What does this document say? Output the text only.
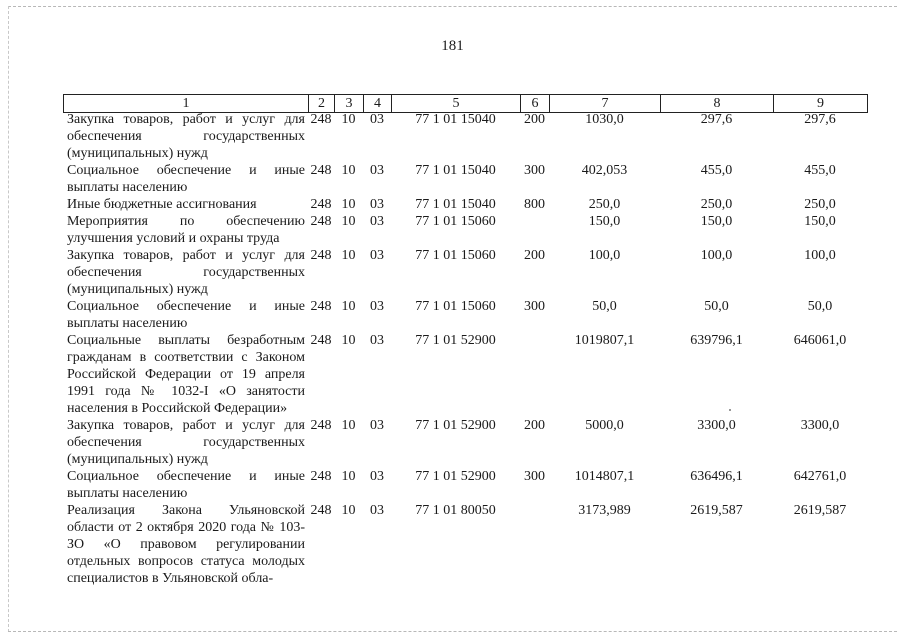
181
1	2	3	4	5	6	7	8	9
Закупка товаров, работ и услуг для обеспечения государственных (муниципальных) нужд	248	10	03	77 1 01 15040	200	1030,0	297,6	297,6
Социальное обеспечение и иные выплаты населению	248	10	03	77 1 01 15040	300	402,053	455,0	455,0
Иные бюджетные ассигнования	248	10	03	77 1 01 15040	800	250,0	250,0	250,0
Мероприятия по обеспечению улучшения условий и охраны труда	248	10	03	77 1 01 15060		150,0	150,0	150,0
Закупка товаров, работ и услуг для обеспечения государственных (муниципальных) нужд	248	10	03	77 1 01 15060	200	100,0	100,0	100,0
Социальное обеспечение и иные выплаты населению	248	10	03	77 1 01 15060	300	50,0	50,0	50,0
Социальные выплаты безработным гражданам в соответствии с Законом Российской Федерации от 19 апреля 1991 года № 1032-I «О занятости населения в Российской Федерации»	248	10	03	77 1 01 52900		1019807,1	639796,1	646061,0
Закупка товаров, работ и услуг для обеспечения государственных (муниципальных) нужд	248	10	03	77 1 01 52900	200	5000,0	3300,0	3300,0
Социальное обеспечение и иные выплаты населению	248	10	03	77 1 01 52900	300	1014807,1	636496,1	642761,0
Реализация Закона Ульяновской области от 2 октября 2020 года № 103-ЗО «О правовом регулировании отдельных вопросов статуса молодых специалистов в Ульяновской обла-	248	10	03	77 1 01 80050		3173,989	2619,587	2619,587
